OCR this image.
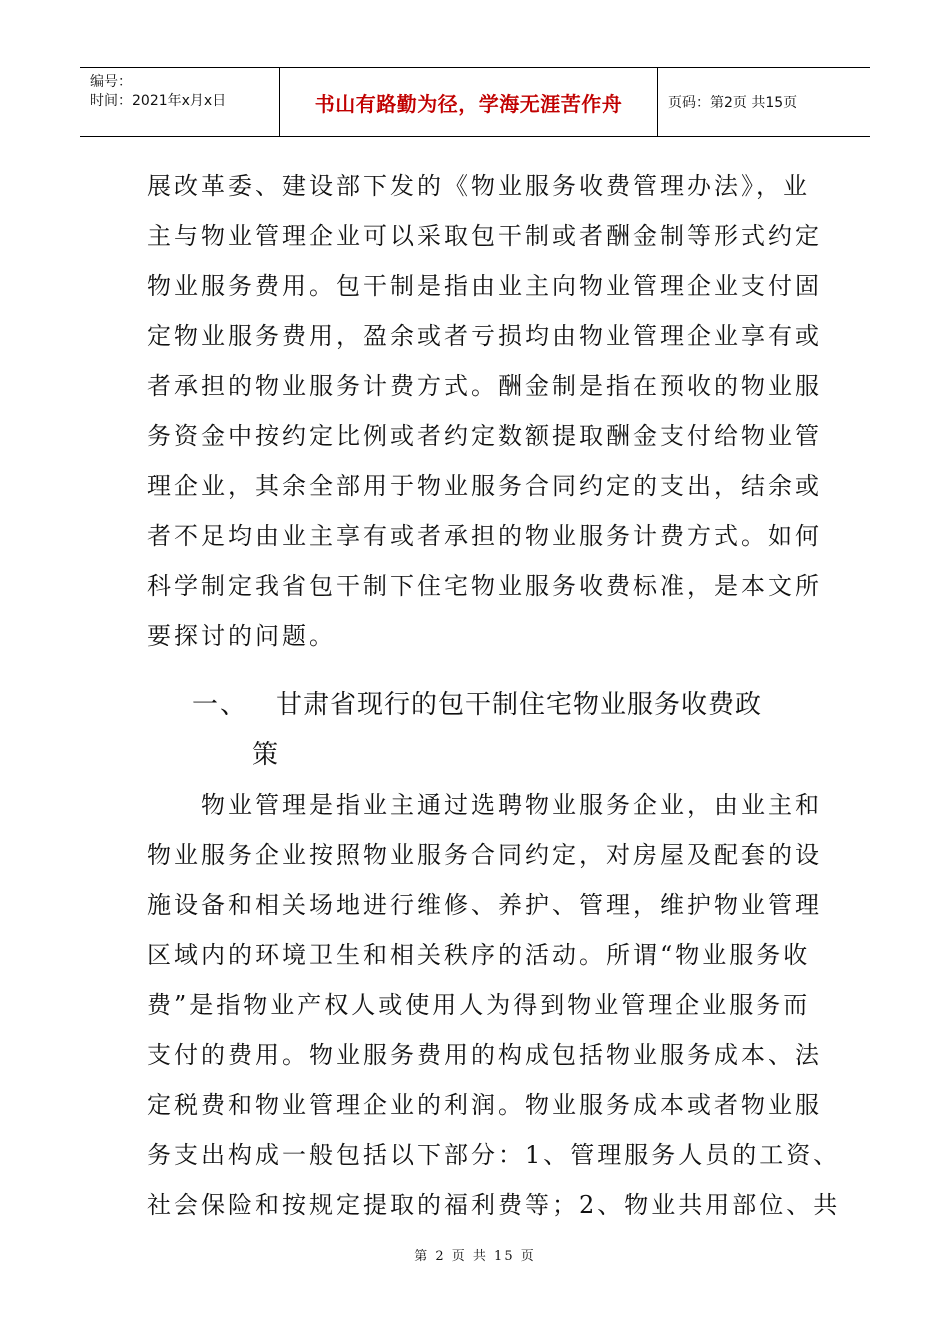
编号：
时间：2021年x月x日	书山有路勤为径，学海无涯苦作舟	页码：第2页 共15页
展改革委、建设部下发的《物业服务收费管理办法》，业
主与物业管理企业可以采取包干制或者酬金制等形式约定
物业服务费用。包干制是指由业主向物业管理企业支付固
定物业服务费用，盈余或者亏损均由物业管理企业享有或
者承担的物业服务计费方式。酬金制是指在预收的物业服
务资金中按约定比例或者约定数额提取酬金支付给物业管
理企业，其余全部用于物业服务合同约定的支出，结余或
者不足均由业主享有或者承担的物业服务计费方式。如何
科学制定我省包干制下住宅物业服务收费标准，是本文所
要探讨的问题。
一、 甘肃省现行的包干制住宅物业服务收费政
策
　　物业管理是指业主通过选聘物业服务企业，由业主和
物业服务企业按照物业服务合同约定，对房屋及配套的设
施设备和相关场地进行维修、养护、管理，维护物业管理
区域内的环境卫生和相关秩序的活动。所谓“物业服务收
费”是指物业产权人或使用人为得到物业管理企业服务而
支付的费用。物业服务费用的构成包括物业服务成本、法
定税费和物业管理企业的利润。物业服务成本或者物业服
务支出构成一般包括以下部分：1、管理服务人员的工资、
社会保险和按规定提取的福利费等；2、物业共用部位、共
第 2 页 共 15 页
